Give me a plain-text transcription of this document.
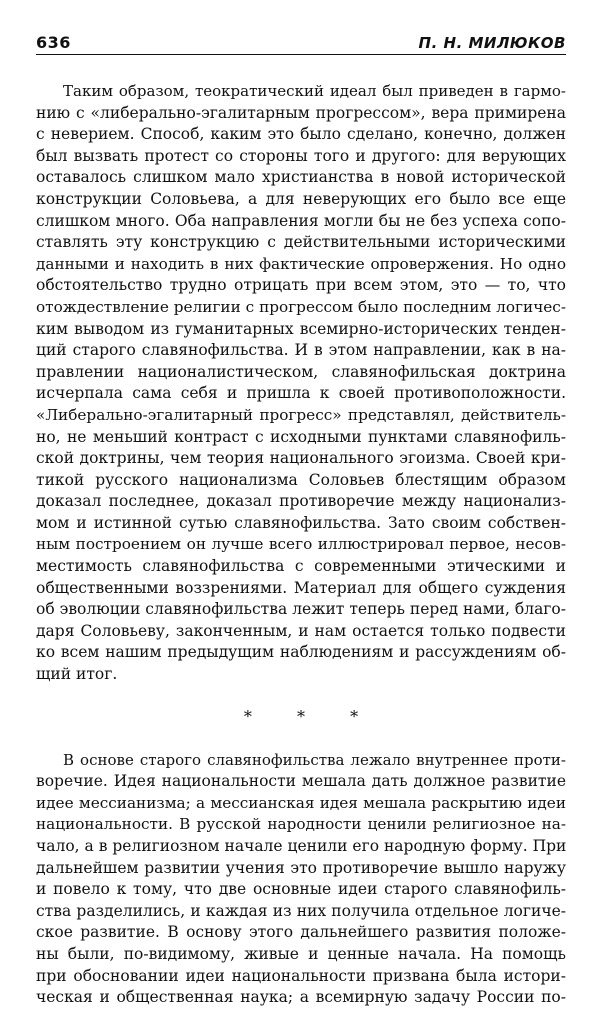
636	П. Н. МИЛЮКОВ

Таким образом, теократический идеал был приведен в гармо-
нию с «либерально-эгалитарным прогрессом», вера примирена
с неверием. Способ, каким это было сделано, конечно, должен
был вызвать протест со стороны того и другого: для верующих
оставалось слишком мало христианства в новой исторической
конструкции Соловьева, а для неверующих его было все еще
слишком много. Оба направления могли бы не без успеха сопо-
ставлять эту конструкцию с действительными историческими
данными и находить в них фактические опровержения. Но одно
обстоятельство трудно отрицать при всем этом, это — то, что
отождествление религии с прогрессом было последним логичес-
ким выводом из гуманитарных всемирно-исторических тенден-
ций старого славянофильства. И в этом направлении, как в на-
правлении националистическом, славянофильская доктрина
исчерпала сама себя и пришла к своей противоположности.
«Либерально-эгалитарный прогресс» представлял, действитель-
но, не меньший контраст с исходными пунктами славянофиль-
ской доктрины, чем теория национального эгоизма. Своей кри-
тикой русского национализма Соловьев блестящим образом
доказал последнее, доказал противоречие между национализ-
мом и истинной сутью славянофильства. Зато своим собствен-
ным построением он лучше всего иллюстрировал первое, несов-
местимость славянофильства с современными этическими и
общественными воззрениями. Материал для общего суждения
об эволюции славянофильства лежит теперь перед нами, благо-
даря Соловьеву, законченным, и нам остается только подвести
ко всем нашим предыдущим наблюдениям и рассуждениям об-
щий итог.

* * *

В основе старого славянофильства лежало внутреннее проти-
воречие. Идея национальности мешала дать должное развитие
идее мессианизма; а мессианская идея мешала раскрытию идеи
национальности. В русской народности ценили религиозное на-
чало, а в религиозном начале ценили его народную форму. При
дальнейшем развитии учения это противоречие вышло наружу
и повело к тому, что две основные идеи старого славянофиль-
ства разделились, и каждая из них получила отдельное логиче-
ское развитие. В основу этого дальнейшего развития положе-
ны были, по-видимому, живые и ценные начала. На помощь
при обосновании идеи национальности призвана была истори-
ческая и общественная наука; а всемирную задачу России по-
